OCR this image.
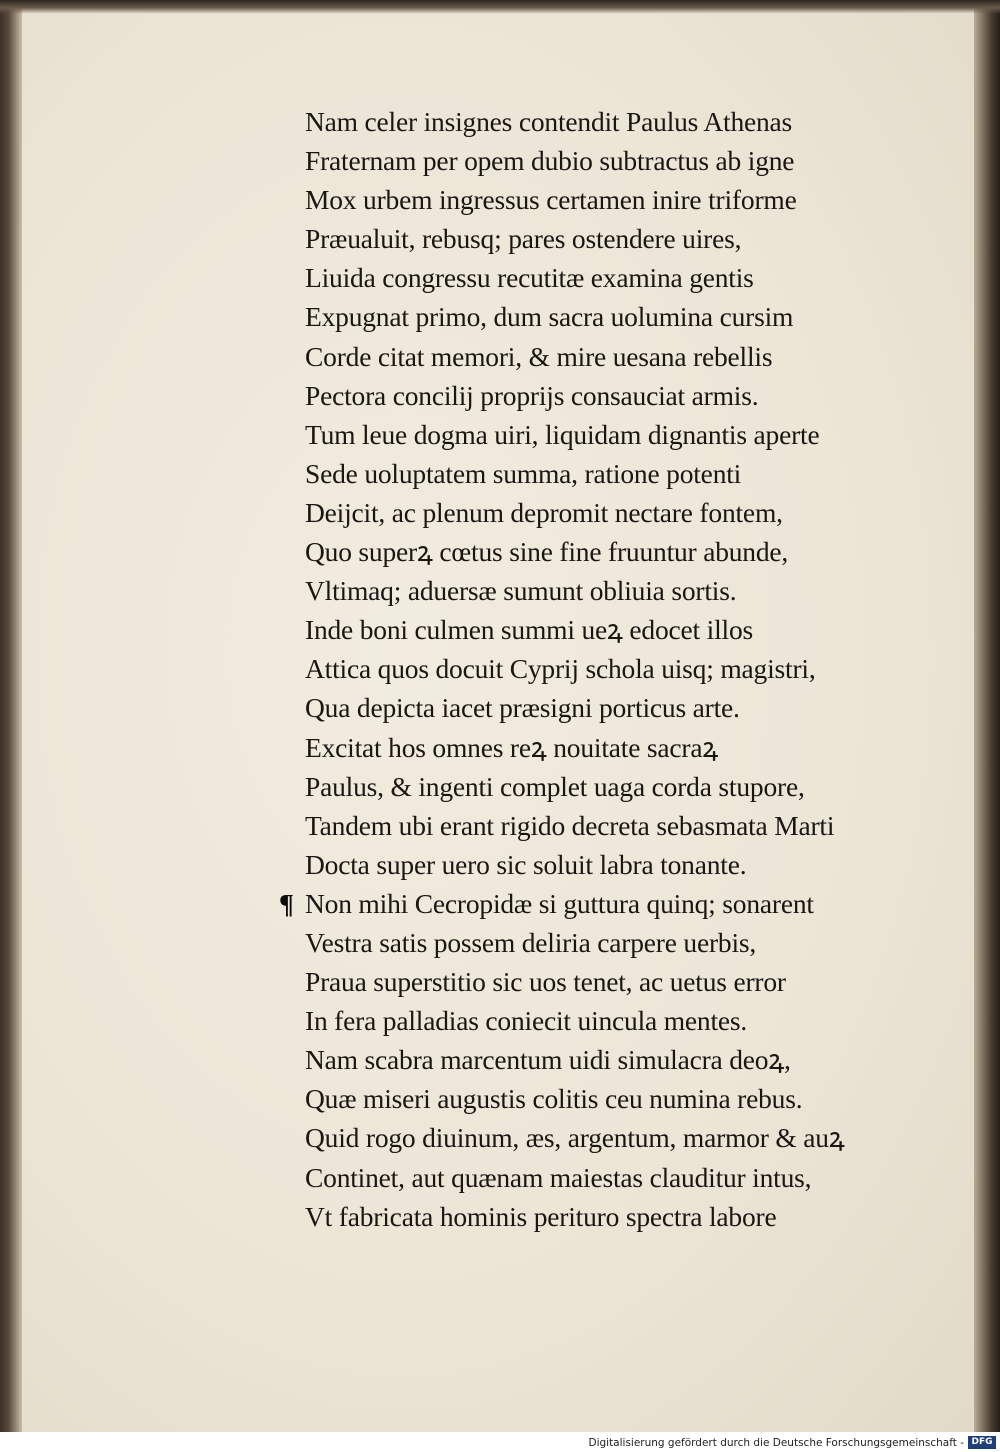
Nam celer insignes contendit Paulus Athenas
Fraternam per opem dubio subtractus ab igne
Mox urbem ingressus certamen inire triforme
Præualuit, rebusq; pares ostendere uires,
Liuida congressu recutitæ examina gentis
Expugnat primo, dum sacra uolumina cursim
Corde citat memori, & mire uesana rebellis
Pectora concilij proprijs consauciat armis.
Tum leue dogma uiri, liquidam dignantis aperte
Sede uoluptatem summa, ratione potenti
Deijcit, ac plenum depromit nectare fontem,
Quo superꝝ cœtus sine fine fruuntur abunde,
Vltimaq; aduersæ sumunt obliuia sortis.
Inde boni culmen summi ueꝝ edocet illos
Attica quos docuit Cyprij schola uisq; magistri,
Qua depicta iacet præsigni porticus arte.
Excitat hos omnes reꝝ nouitate sacraꝝ
Paulus, & ingenti complet uaga corda stupore,
Tandem ubi erant rigido decreta sebasmata Marti
Docta super uero sic soluit labra tonante.
¶ Non mihi Cecropidæ si guttura quinq; sonarent
Vestra satis possem deliria carpere uerbis,
Praua superstitio sic uos tenet, ac uetus error
In fera palladias coniecit uincula mentes.
Nam scabra marcentum uidi simulacra deoꝝ,
Quæ miseri augustis colitis ceu numina rebus.
Quid rogo diuinum, æs, argentum, marmor & auꝝ
Continet, aut quænam maiestas clauditur intus,
Vt fabricata hominis perituro spectra labore
Digitalisierung gefördert durch die Deutsche Forschungsgemeinschaft - DFG
